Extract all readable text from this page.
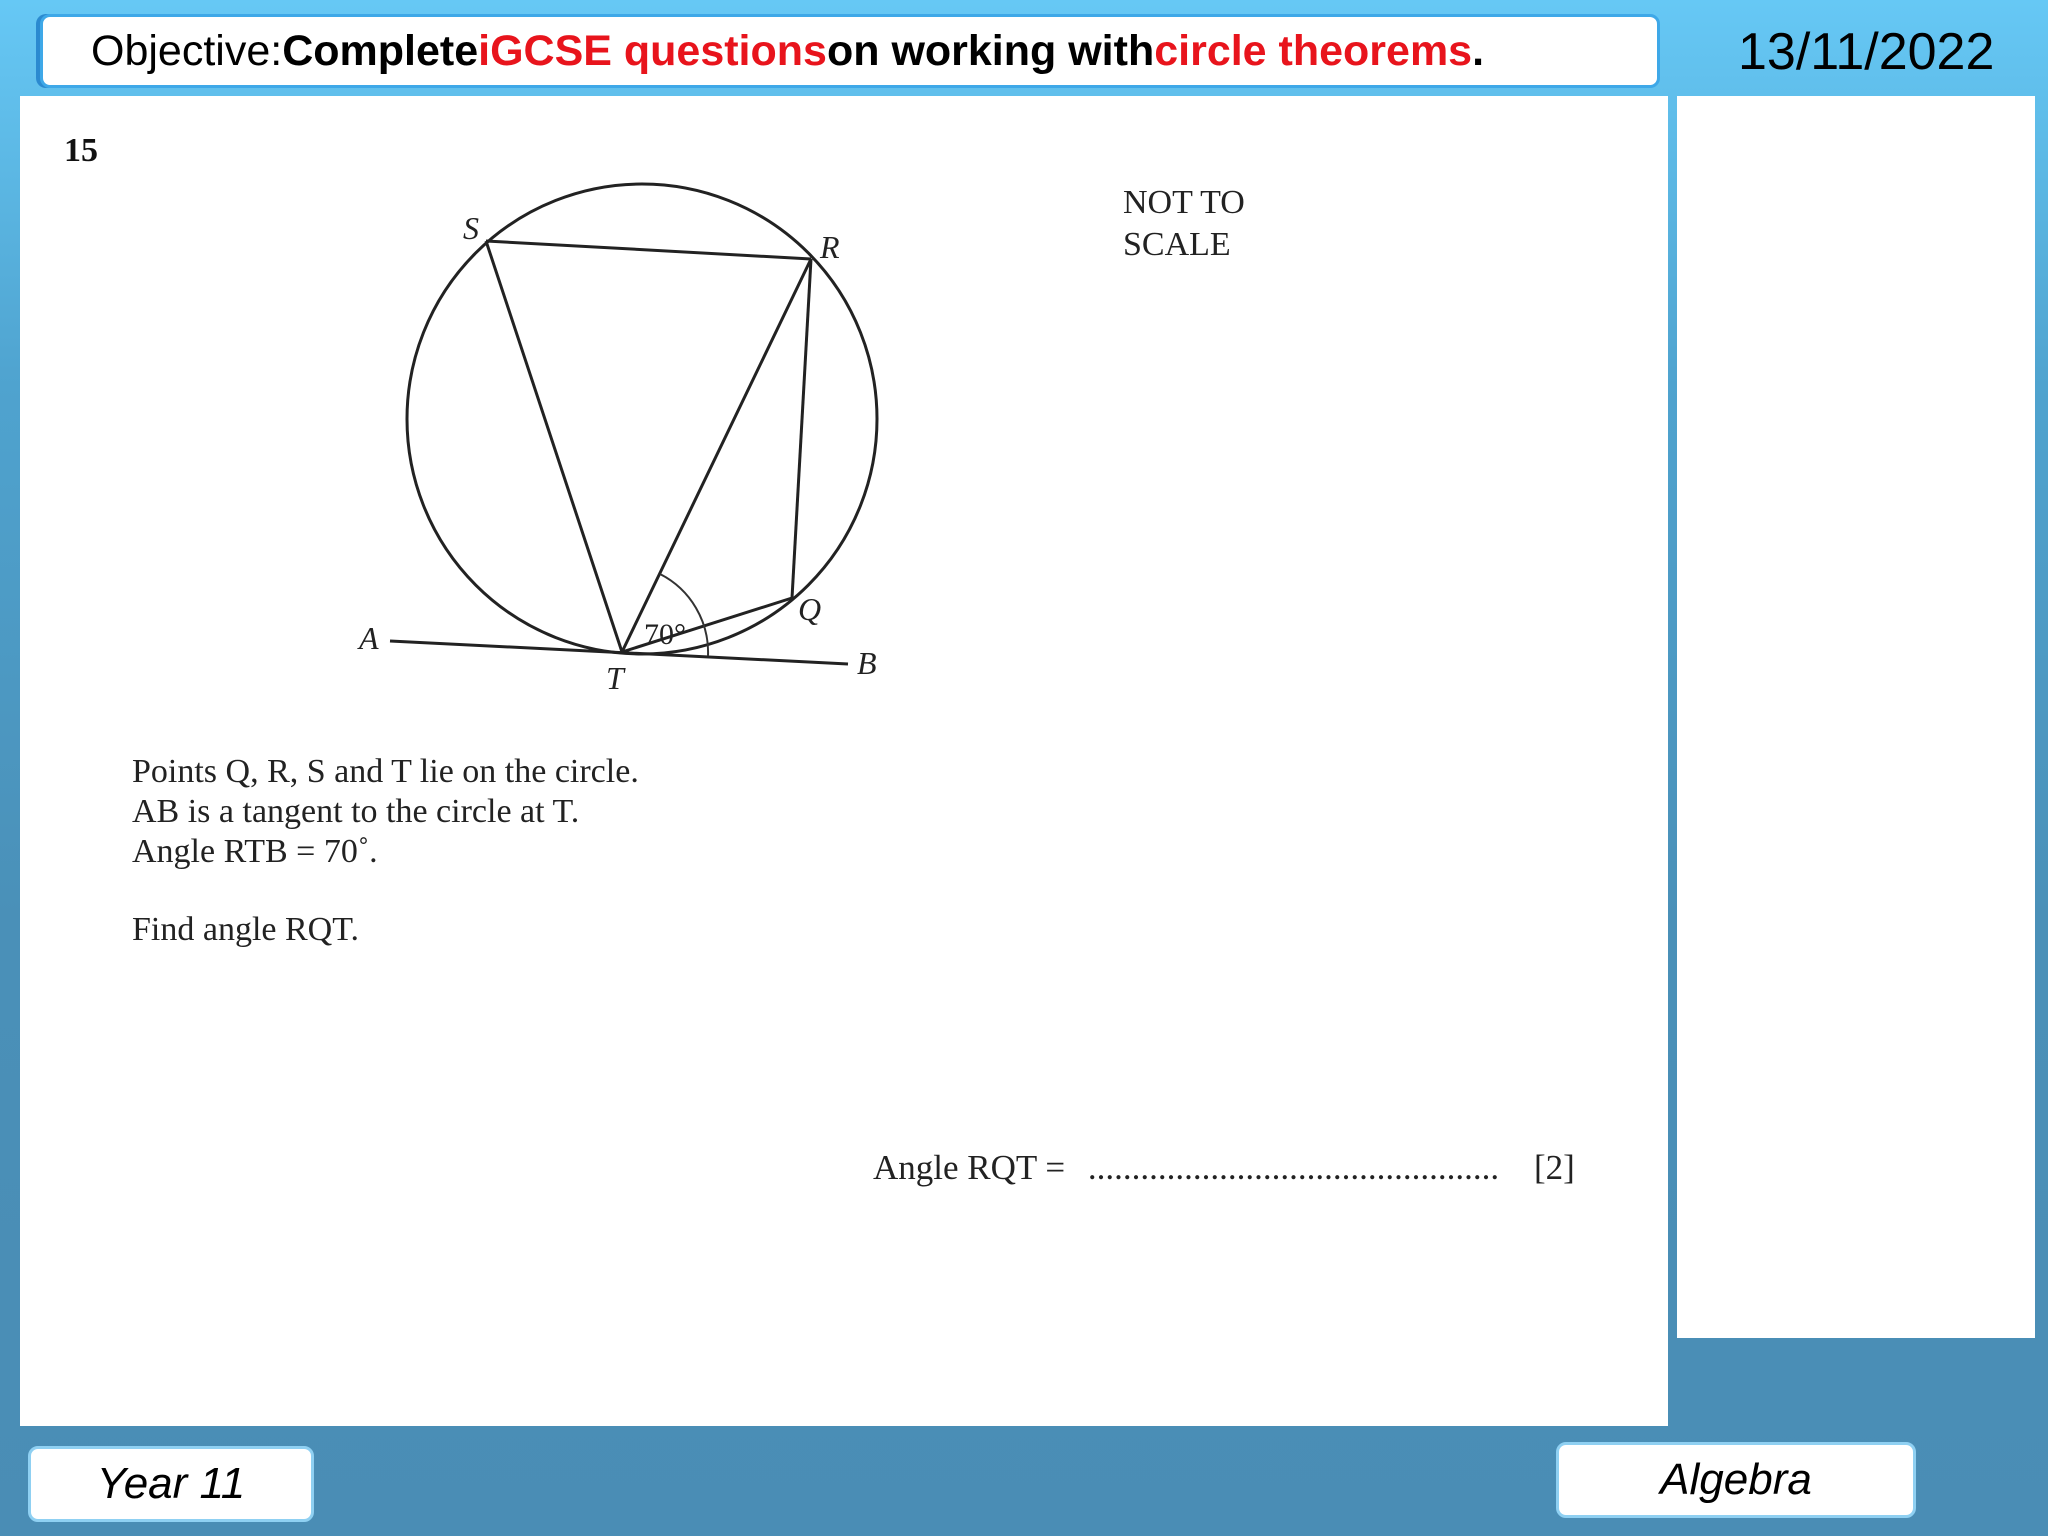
Objective: Complete iGCSE questions on working with circle theorems .	13/11/2022
15
S
R
Q
A
T	B
70°
NOT TO
SCALE
Points Q, R, S and T lie on the circle.
AB is a tangent to the circle at T.
Angle RTB = 70˚.
Find angle RQT.
Angle RQT = ............................................... [2]
Year 11	Algebra
